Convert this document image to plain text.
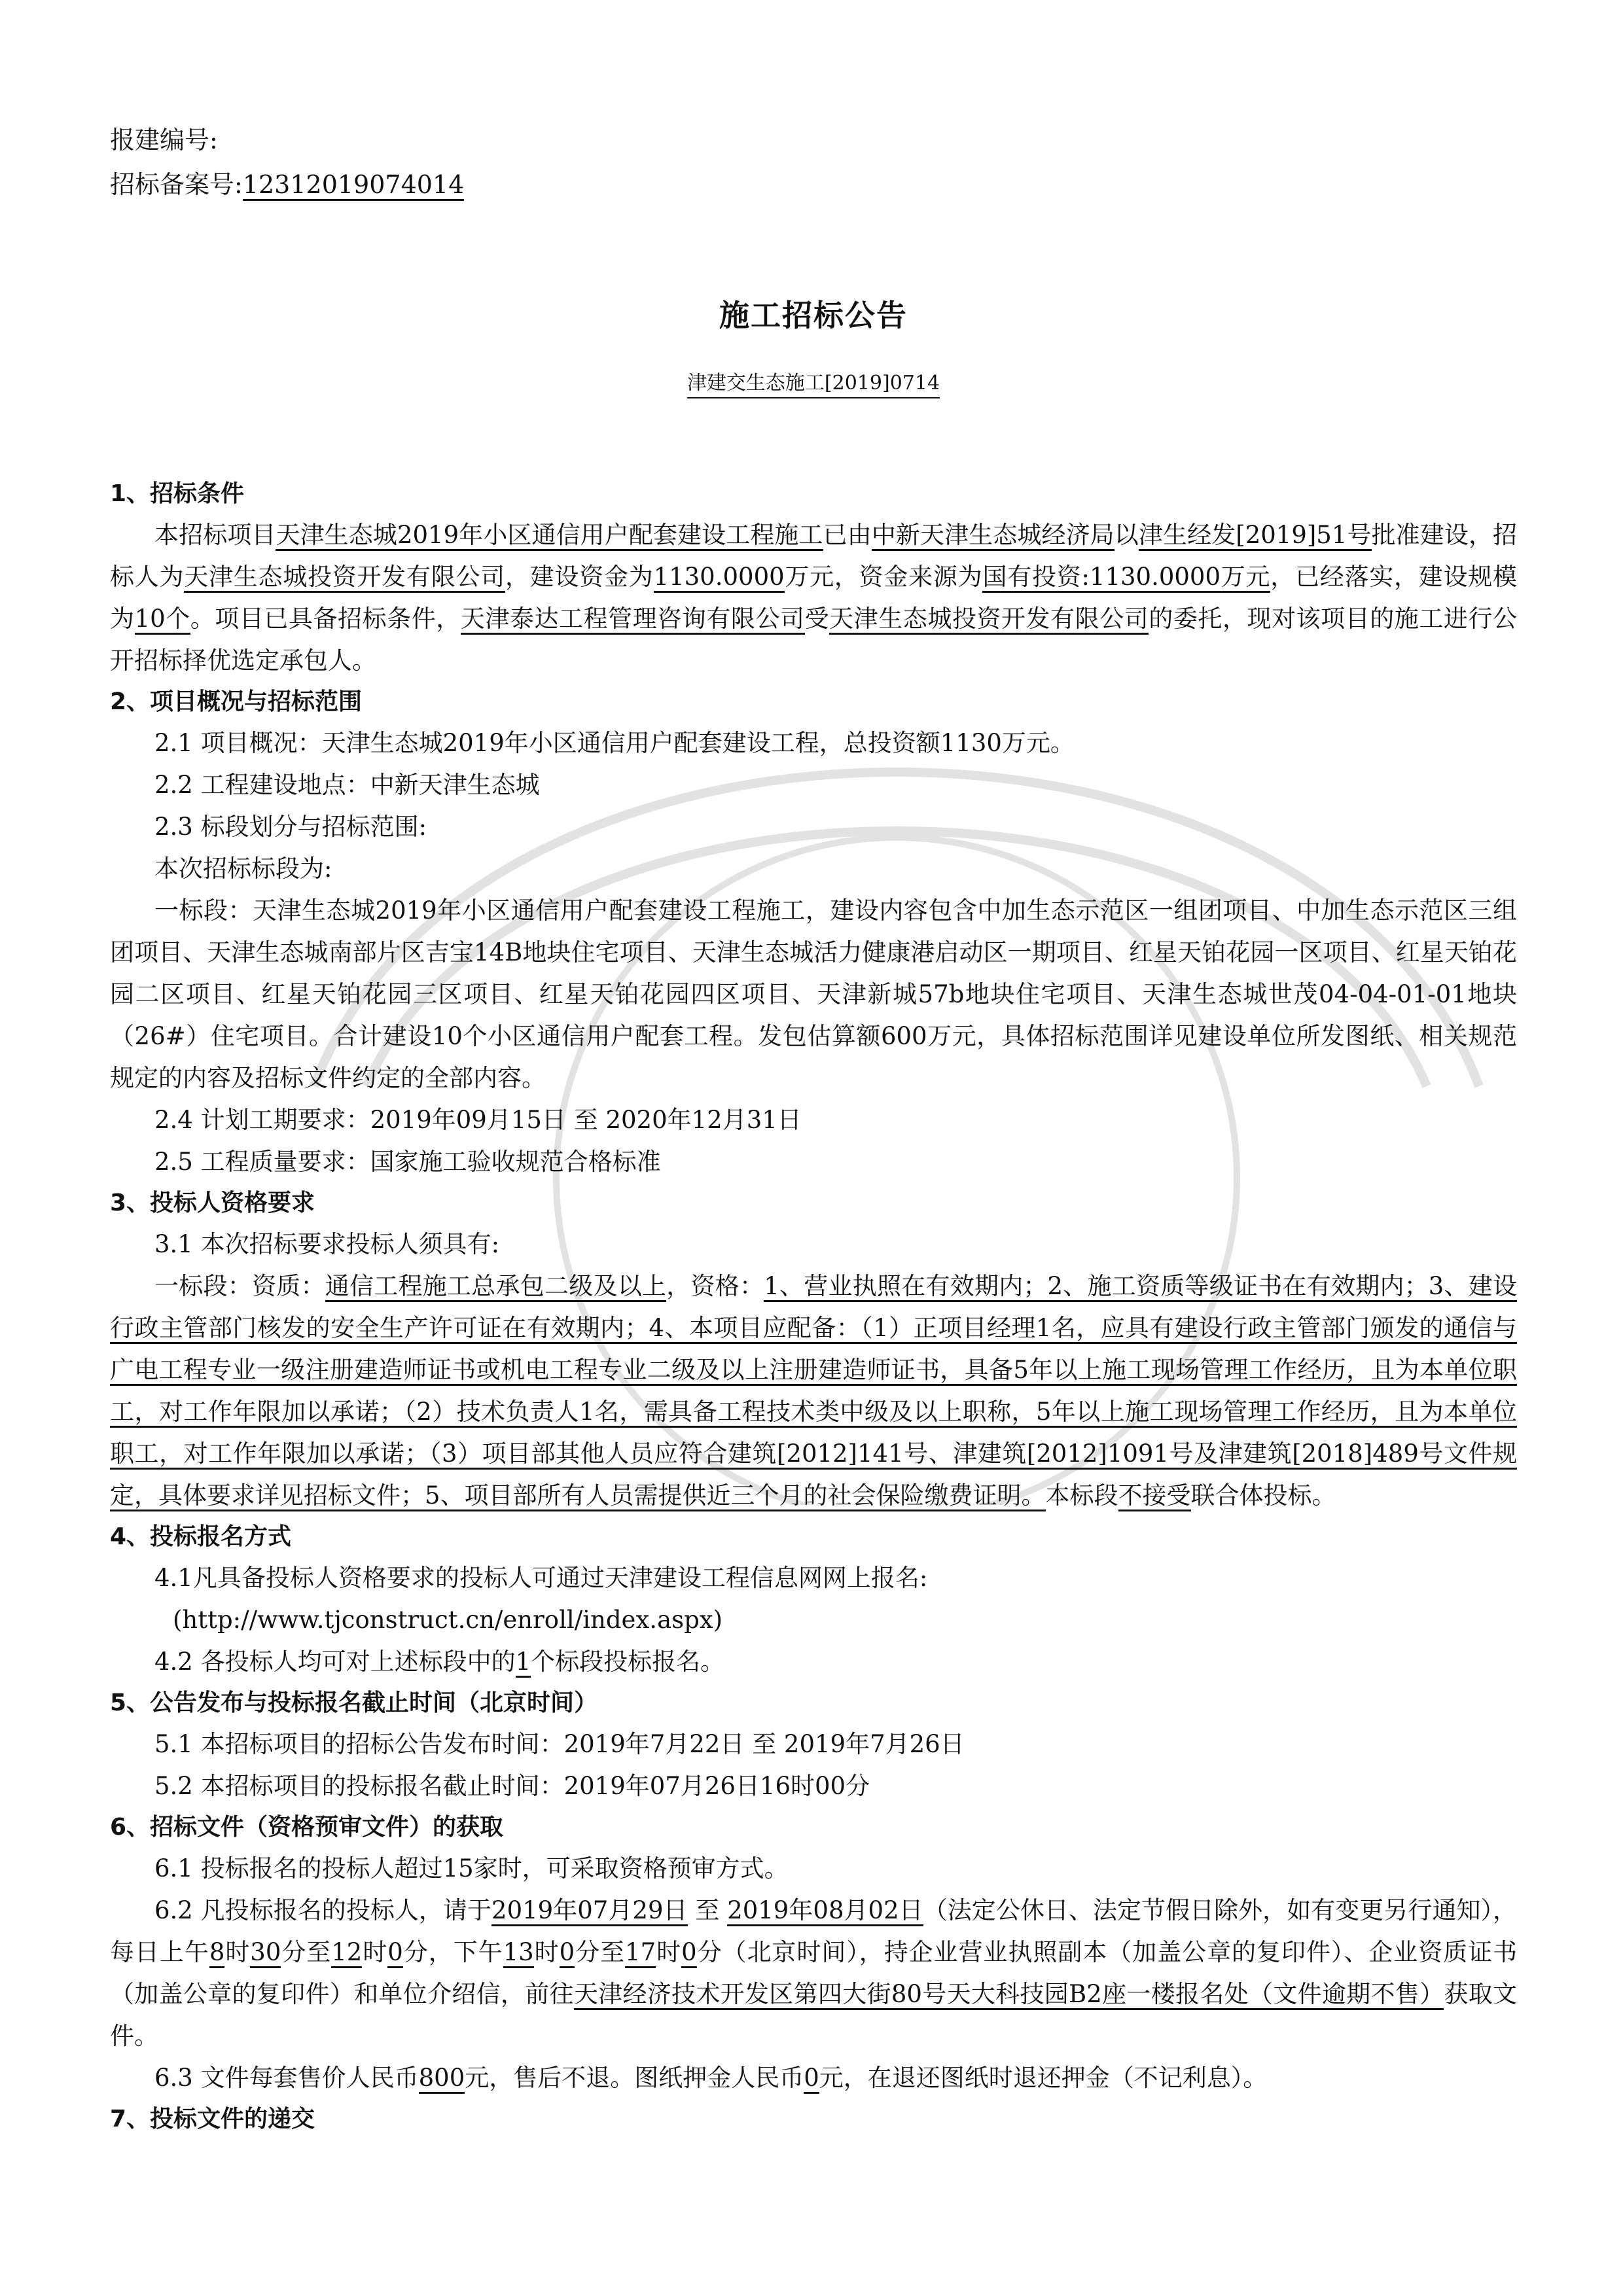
报建编号:
招标备案号:12312019074014
施工招标公告
津建交生态施工[2019]0714
1、招标条件
本招标项目天津生态城2019年小区通信用户配套建设工程施工已由中新天津生态城经济局以津生经发[2019]51号批准建设，招标人为天津生态城投资开发有限公司，建设资金为1130.0000万元，资金来源为国有投资:1130.0000万元，已经落实，建设规模为10个。项目已具备招标条件，天津泰达工程管理咨询有限公司受天津生态城投资开发有限公司的委托，现对该项目的施工进行公开招标择优选定承包人。
2、项目概况与招标范围
2.1 项目概况：天津生态城2019年小区通信用户配套建设工程，总投资额1130万元。
2.2 工程建设地点：中新天津生态城
2.3 标段划分与招标范围:
本次招标标段为:
一标段：天津生态城2019年小区通信用户配套建设工程施工，建设内容包含中加生态示范区一组团项目、中加生态示范区三组团项目、天津生态城南部片区吉宝14B地块住宅项目、天津生态城活力健康港启动区一期项目、红星天铂花园一区项目、红星天铂花园二区项目、红星天铂花园三区项目、红星天铂花园四区项目、天津新城57b地块住宅项目、天津生态城世茂04-04-01-01地块（26#）住宅项目。合计建设10个小区通信用户配套工程。发包估算额600万元，具体招标范围详见建设单位所发图纸、相关规范规定的内容及招标文件约定的全部内容。
2.4 计划工期要求：2019年09月15日 至 2020年12月31日
2.5 工程质量要求：国家施工验收规范合格标准
3、投标人资格要求
3.1 本次招标要求投标人须具有:
一标段：资质：通信工程施工总承包二级及以上，资格：1、营业执照在有效期内；2、施工资质等级证书在有效期内；3、建设行政主管部门核发的安全生产许可证在有效期内；4、本项目应配备：（1）正项目经理1名，应具有建设行政主管部门颁发的通信与广电工程专业一级注册建造师证书或机电工程专业二级及以上注册建造师证书，具备5年以上施工现场管理工作经历，且为本单位职工，对工作年限加以承诺；（2）技术负责人1名，需具备工程技术类中级及以上职称，5年以上施工现场管理工作经历，且为本单位职工，对工作年限加以承诺；（3）项目部其他人员应符合建筑[2012]141号、津建筑[2012]1091号及津建筑[2018]489号文件规定，具体要求详见招标文件；5、项目部所有人员需提供近三个月的社会保险缴费证明。本标段不接受联合体投标。
4、投标报名方式
4.1凡具备投标人资格要求的投标人可通过天津建设工程信息网网上报名:
(http://www.tjconstruct.cn/enroll/index.aspx)
4.2 各投标人均可对上述标段中的1个标段投标报名。
5、公告发布与投标报名截止时间（北京时间）
5.1 本招标项目的招标公告发布时间：2019年7月22日 至 2019年7月26日
5.2 本招标项目的投标报名截止时间：2019年07月26日16时00分
6、招标文件（资格预审文件）的获取
6.1 投标报名的投标人超过15家时，可采取资格预审方式。
6.2 凡投标报名的投标人，请于2019年07月29日 至 2019年08月02日（法定公休日、法定节假日除外，如有变更另行通知），每日上午8时30分至12时0分，下午13时0分至17时0分（北京时间），持企业营业执照副本（加盖公章的复印件）、企业资质证书（加盖公章的复印件）和单位介绍信，前往天津经济技术开发区第四大街80号天大科技园B2座一楼报名处（文件逾期不售）获取文件。
6.3 文件每套售价人民币800元，售后不退。图纸押金人民币0元，在退还图纸时退还押金（不记利息）。
7、投标文件的递交
